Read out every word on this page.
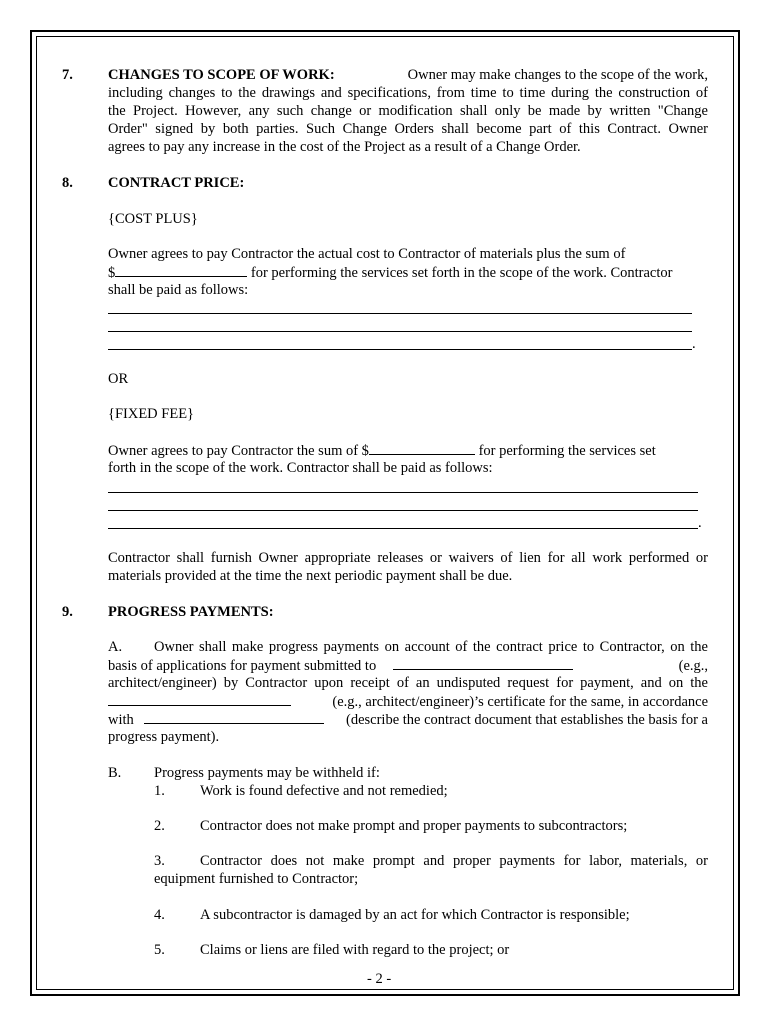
7. CHANGES TO SCOPE OF WORK:	Owner may make changes to the scope of the work,
including changes to the drawings and specifications, from time to time during the construction of
the Project. However, any such change or modification shall only be made by written "Change
Order" signed by both parties. Such Change Orders shall become part of this Contract. Owner
agrees to pay any increase in the cost of the Project as a result of a Change Order.
8. CONTRACT PRICE:
{COST PLUS}
Owner agrees to pay Contractor the actual cost to Contractor of materials plus the sum of
$	for performing the services set forth in the scope of the work. Contractor
shall be paid as follows:
.
OR
{FIXED FEE}
Owner agrees to pay Contractor the sum of $	for performing the services set
forth in the scope of the work. Contractor shall be paid as follows:
.
Contractor shall furnish Owner appropriate releases or waivers of lien for all work performed or
materials provided at the time the next periodic payment shall be due.
9. PROGRESS PAYMENTS:
A. Owner shall make progress payments on account of the contract price to Contractor, on the
basis of applications for payment submitted to	(e.g.,
architect/engineer) by Contractor upon receipt of an undisputed request for payment, and on the
(e.g., architect/engineer)’s certificate for the same, in accordance
with	(describe the contract document that establishes the basis for a
progress payment).
B. Progress payments may be withheld if:
1. Work is found defective and not remedied;
2. Contractor does not make prompt and proper payments to subcontractors;
3. Contractor does not make prompt and proper payments for labor, materials, or
equipment furnished to Contractor;
4. A subcontractor is damaged by an act for which Contractor is responsible;
5. Claims or liens are filed with regard to the project; or
- 2 -
